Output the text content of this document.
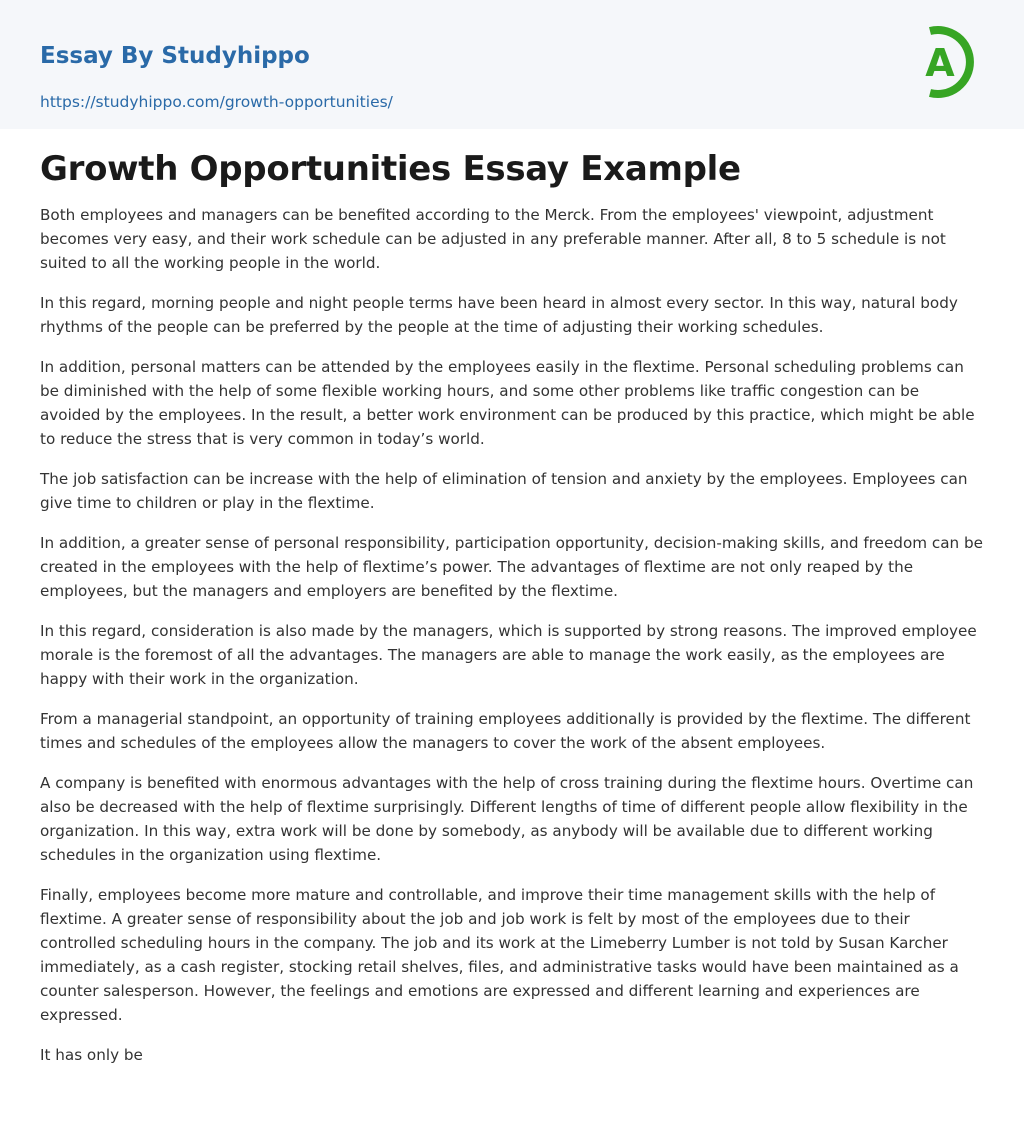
Essay By Studyhippo
https://studyhippo.com/growth-opportunities/
A
Growth Opportunities Essay Example

Both employees and managers can be benefited according to the Merck. From the employees' viewpoint, adjustment becomes very easy, and their work schedule can be adjusted in any preferable manner. After all, 8 to 5 schedule is not suited to all the working people in the world.

In this regard, morning people and night people terms have been heard in almost every sector. In this way, natural body rhythms of the people can be preferred by the people at the time of adjusting their working schedules.

In addition, personal matters can be attended by the employees easily in the flextime. Personal scheduling problems can be diminished with the help of some flexible working hours, and some other problems like traffic congestion can be avoided by the employees. In the result, a better work environment can be produced by this practice, which might be able to reduce the stress that is very common in today’s world.

The job satisfaction can be increase with the help of elimination of tension and anxiety by the employees. Employees can give time to children or play in the flextime.

In addition, a greater sense of personal responsibility, participation opportunity, decision-making skills, and freedom can be created in the employees with the help of flextime’s power. The advantages of flextime are not only reaped by the employees, but the managers and employers are benefited by the flextime.

In this regard, consideration is also made by the managers, which is supported by strong reasons. The improved employee morale is the foremost of all the advantages. The managers are able to manage the work easily, as the employees are happy with their work in the organization.

From a managerial standpoint, an opportunity of training employees additionally is provided by the flextime. The different times and schedules of the employees allow the managers to cover the work of the absent employees.

A company is benefited with enormous advantages with the help of cross training during the flextime hours. Overtime can also be decreased with the help of flextime surprisingly. Different lengths of time of different people allow flexibility in the organization. In this way, extra work will be done by somebody, as anybody will be available due to different working schedules in the organization using flextime.

Finally, employees become more mature and controllable, and improve their time management skills with the help of flextime. A greater sense of responsibility about the job and job work is felt by most of the employees due to their controlled scheduling hours in the company. The job and its work at the Limeberry Lumber is not told by Susan Karcher immediately, as a cash register, stocking retail shelves, files, and administrative tasks would have been maintained as a counter salesperson. However, the feelings and emotions are expressed and different learning and experiences are expressed.

It has only be
